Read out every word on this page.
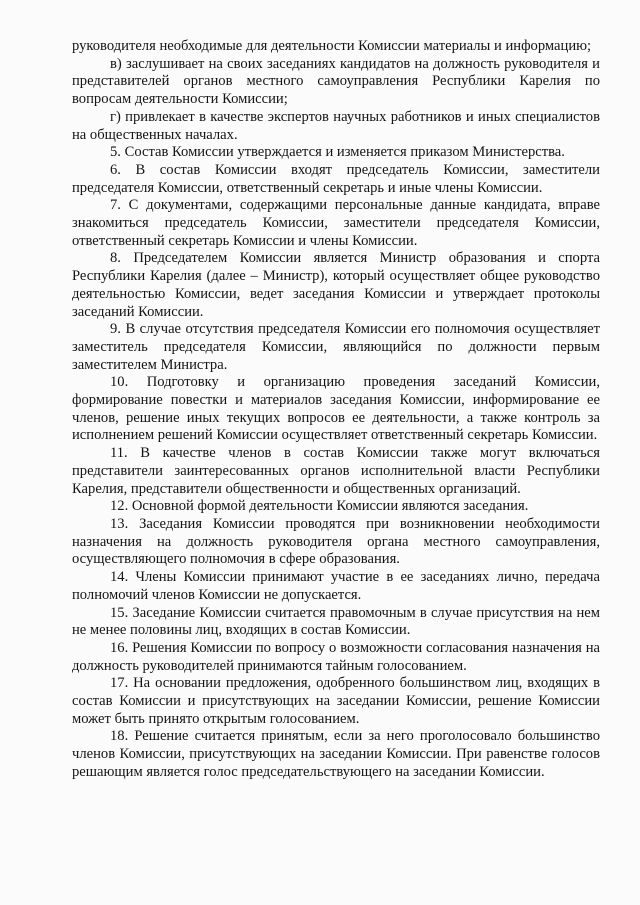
руководителя необходимые для деятельности Комиссии материалы и информацию;

в) заслушивает на своих заседаниях кандидатов на должность руководителя и представителей органов местного самоуправления Республики Карелия по вопросам деятельности Комиссии;

г) привлекает в качестве экспертов научных работников и иных специалистов на общественных началах.

5. Состав Комиссии утверждается и изменяется приказом Министерства.

6. В состав Комиссии входят председатель Комиссии, заместители председателя Комиссии, ответственный секретарь и иные члены Комиссии.

7. С документами, содержащими персональные данные кандидата, вправе знакомиться председатель Комиссии, заместители председателя Комиссии, ответственный секретарь Комиссии и члены Комиссии.

8. Председателем Комиссии является Министр образования и спорта Республики Карелия (далее – Министр), который осуществляет общее руководство деятельностью Комиссии, ведет заседания Комиссии и утверждает протоколы заседаний Комиссии.

9. В случае отсутствия председателя Комиссии его полномочия осуществляет заместитель председателя Комиссии, являющийся по должности первым заместителем Министра.

10. Подготовку и организацию проведения заседаний Комиссии, формирование повестки и материалов заседания Комиссии, информирование ее членов, решение иных текущих вопросов ее деятельности, а также контроль за исполнением решений Комиссии осуществляет ответственный секретарь Комиссии.

11. В качестве членов в состав Комиссии также могут включаться представители заинтересованных органов исполнительной власти Республики Карелия, представители общественности и общественных организаций.

12. Основной формой деятельности Комиссии являются заседания.

13. Заседания Комиссии проводятся при возникновении необходимости назначения на должность руководителя органа местного самоуправления, осуществляющего полномочия в сфере образования.

14. Члены Комиссии принимают участие в ее заседаниях лично, передача полномочий членов Комиссии не допускается.

15. Заседание Комиссии считается правомочным в случае присутствия на нем не менее половины лиц, входящих в состав Комиссии.

16. Решения Комиссии по вопросу о возможности согласования назначения на должность руководителей принимаются тайным голосованием.

17. На основании предложения, одобренного большинством лиц, входящих в состав Комиссии и присутствующих на заседании Комиссии, решение Комиссии может быть принято открытым голосованием.

18. Решение считается принятым, если за него проголосовало большинство членов Комиссии, присутствующих на заседании Комиссии. При равенстве голосов решающим является голос председательствующего на заседании Комиссии.
